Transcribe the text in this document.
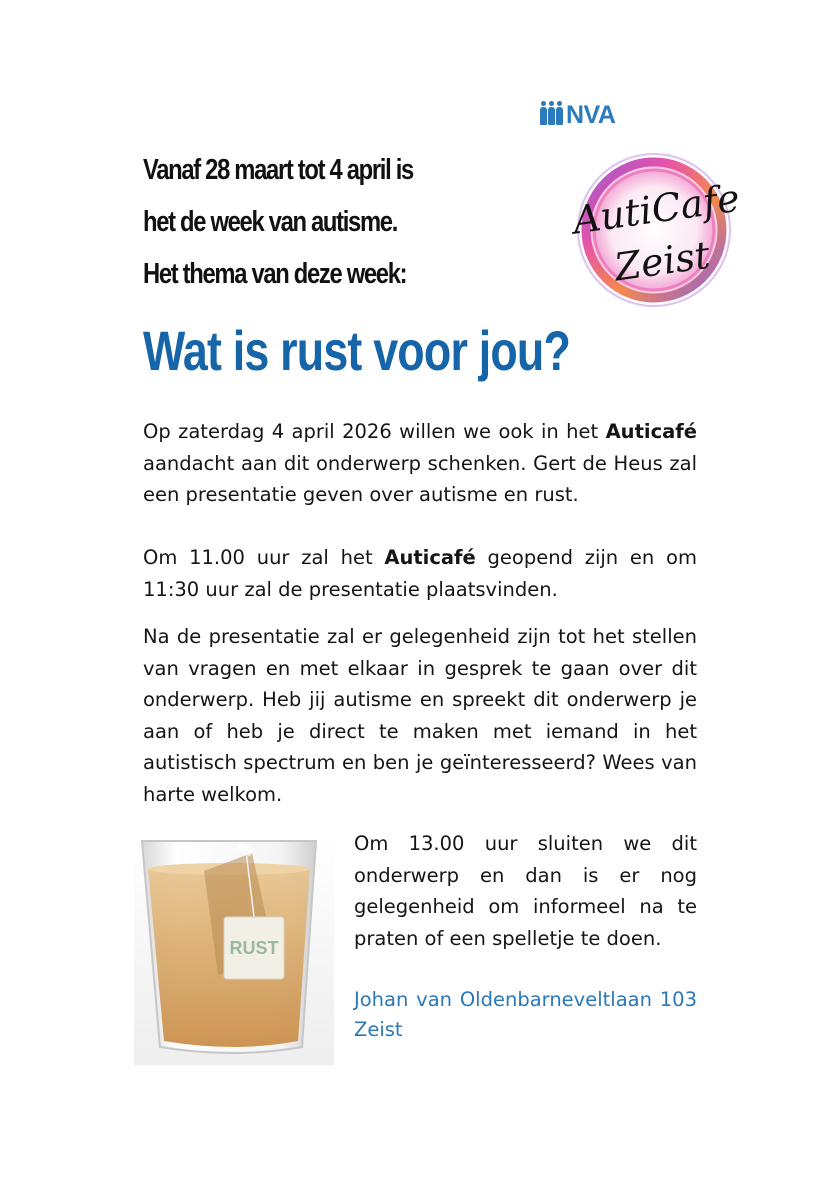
NVA
AutiCafe
Zeist
Vanaf 28 maart tot 4 april is
het de week van autisme.
Het thema van deze week:
Wat is rust voor jou?
Op zaterdag 4 april 2026 willen we ook in het Auticafé aandacht aan dit onderwerp schenken. Gert de Heus zal een presentatie geven over autisme en rust.
Om 11.00 uur zal het Auticafé geopend zijn en om 11:30 uur zal de presentatie plaatsvinden.
Na de presentatie zal er gelegenheid zijn tot het stellen van vragen en met elkaar in gesprek te gaan over dit onderwerp. Heb jij autisme en spreekt dit onderwerp je aan of heb je direct te maken met iemand in het autistisch spectrum en ben je geïnteresseerd? Wees van harte welkom.
RUST
Om 13.00 uur sluiten we dit onderwerp en dan is er nog gelegenheid om informeel na te praten of een spelletje te doen.
Johan van Oldenbarneveltlaan 103 Zeist
